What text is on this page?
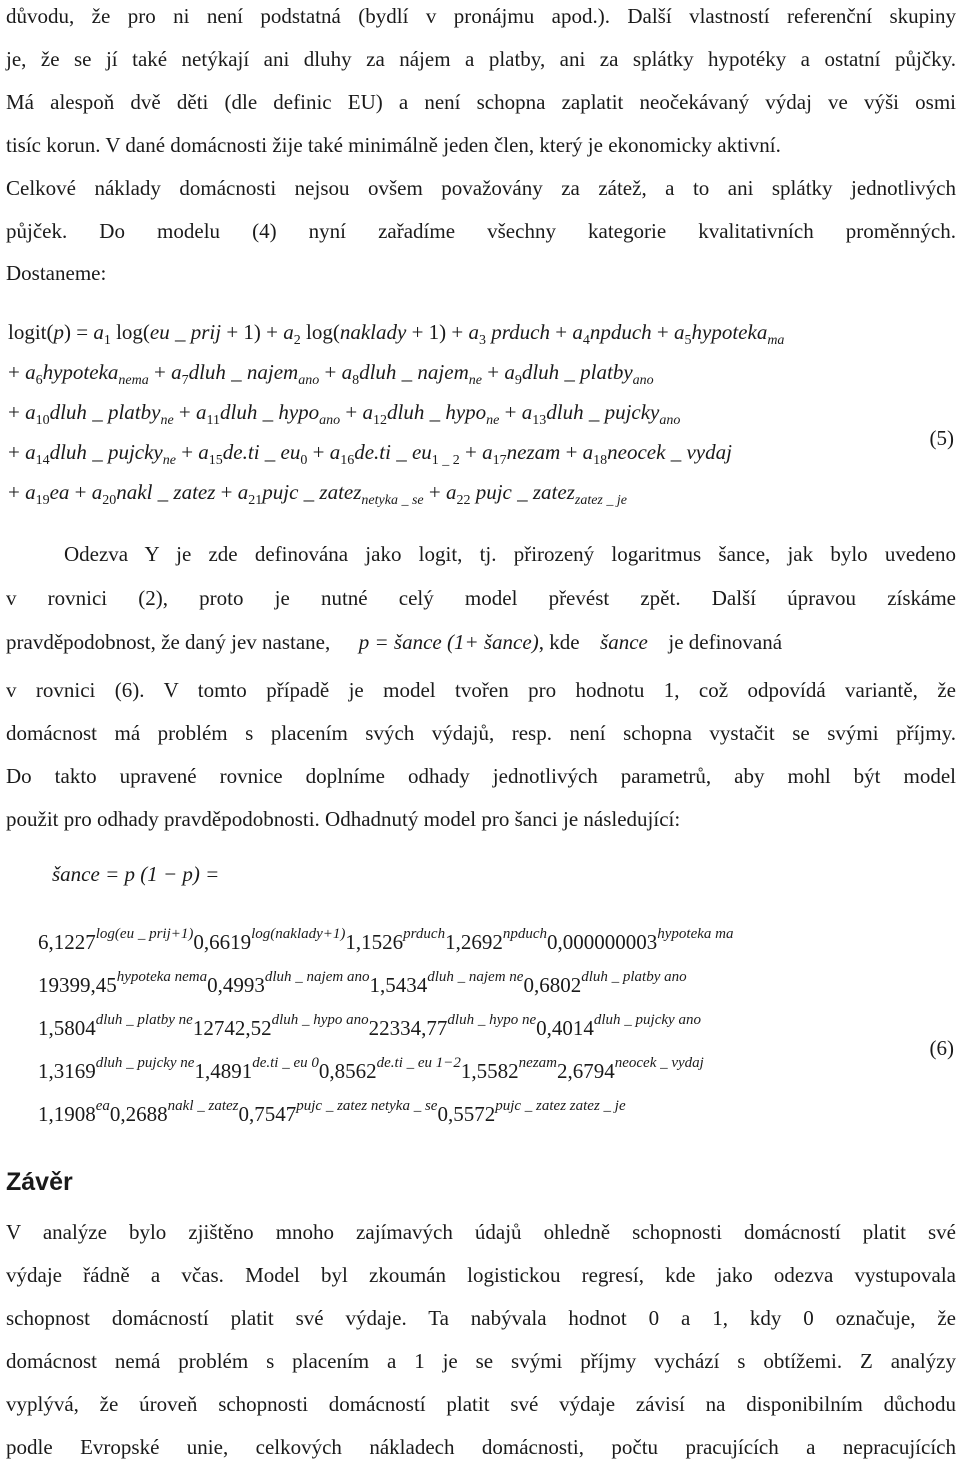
důvodu, že pro ni není podstatná (bydlí v pronájmu apod.). Další vlastností referenční skupiny
je, že se jí také netýkají ani dluhy za nájem a platby, ani za splátky hypotéky a ostatní půjčky.
Má alespoň dvě děti (dle definic EU) a není schopna zaplatit neočekávaný výdaj ve výši osmi
tisíc korun. V dané domácnosti žije také minimálně jeden člen, který je ekonomicky aktivní.
Celkové náklady domácnosti nejsou ovšem považovány za zátež, a to ani splátky jednotlivých
půjček. Do modelu (4) nyní zařadíme všechny kategorie kvalitativních proměnných.
Dostaneme:
logit(p) = $a_1$ log(eu _ prij + $1) + a_2$ log(naklady + $1) + a_3$ prduch + $a_4npduch$ + $a_5hypoteka_{ma}$
+ $a_6hypoteka_{nema}$ + $a_7dluh$ _ najem$_{ano}$ + $a_8dluh$ _ najem$_{ne}$ + $a_9dluh$ _ platby$_{ano}$
+ $a_{10}dluh$ _ platby$_{ne}$ + $a_{11}dluh$ _ hypo$_{ano}$ + $a_{12}dluh$ _ hypo$_{ne}$ + $a_{13}dluh$ _ pujcky$_{ano}$
+ $a_{14}dluh$ _ pujcky$_{ne}$ + $a_{15}de.ti$ _ $eu_0 + a_{16}de.ti$ _ $eu_{1 \_ 2}$ + $a_{17}nezam$ + $a_{18}neocek$ _ vydaj
+ $a_{19}ea$ + $a_{20}nakl$ _ zatez + $a_{21}pujc$ _ zatez$_{netyka \_ se}$ + $a_{22}$ pujc _ zatez$_{zatez \_ je}$
(5)
Odezva Y je zde definována jako logit, tj. přirozený logaritmus šance, jak bylo uvedeno
v rovnici (2), proto je nutné celý model převést zpět. Další úpravou získáme
pravděpodobnost, že daný jev nastane, p = šance (1+ šance), kde šance je definovaná
v rovnici (6). V tomto případě je model tvořen pro hodnotu 1, což odpovídá variantě, že
domácnost má problém s placením svých výdajů, resp. není schopna vystačit se svými příjmy.
Do takto upravené rovnice doplníme odhady jednotlivých parametrů, aby mohl být model
použit pro odhady pravděpodobnosti. Odhadnutý model pro šanci je následující:
šance = p (1 − p) =
$6,1227^{log(eu \_ prij+1)}0,6619^{log(naklady+1)}1,1526^{prduch}1,2692^{npduch}0,000000003^{hypoteka ma}$
$19399,45^{hypoteka nema}0,4993^{dluh \_ najem ano}1,5434^{dluh \_ najem ne}0,6802^{dluh \_ platby ano}$
$1,5804^{dluh \_ platby ne}12742,52^{dluh \_ hypo ano}22334,77^{dluh \_ hypo ne}0,4014^{dluh \_ pujcky ano}$
$1,3169^{dluh \_ pujcky ne}1,4891^{de.ti \_ eu 0}0,8562^{de.ti \_ eu 1-2}1,5582^{nezam}2,6794^{neocek \_ vydaj}$
$1,1908^{ea}0,2688^{nakl \_ zatez}0,7547^{pujc \_ zatez netyka \_ se}0,5572^{pujc \_ zatez zatez \_ je}$
(6)
Závěr
V analýze bylo zjištěno mnoho zajímavých údajů ohledně schopnosti domácností platit své
výdaje řádně a včas. Model byl zkoumán logistickou regresí, kde jako odezva vystupovala
schopnost domácností platit své výdaje. Ta nabývala hodnot 0 a 1, kdy 0 označuje, že
domácnost nemá problém s placením a 1 je se svými příjmy vychází s obtížemi. Z analýzy
vyplývá, že úroveň schopnosti domácností platit své výdaje závisí na disponibilním důchodu
podle Evropské unie, celkových nákladech domácnosti, počtu pracujících a nepracujících
